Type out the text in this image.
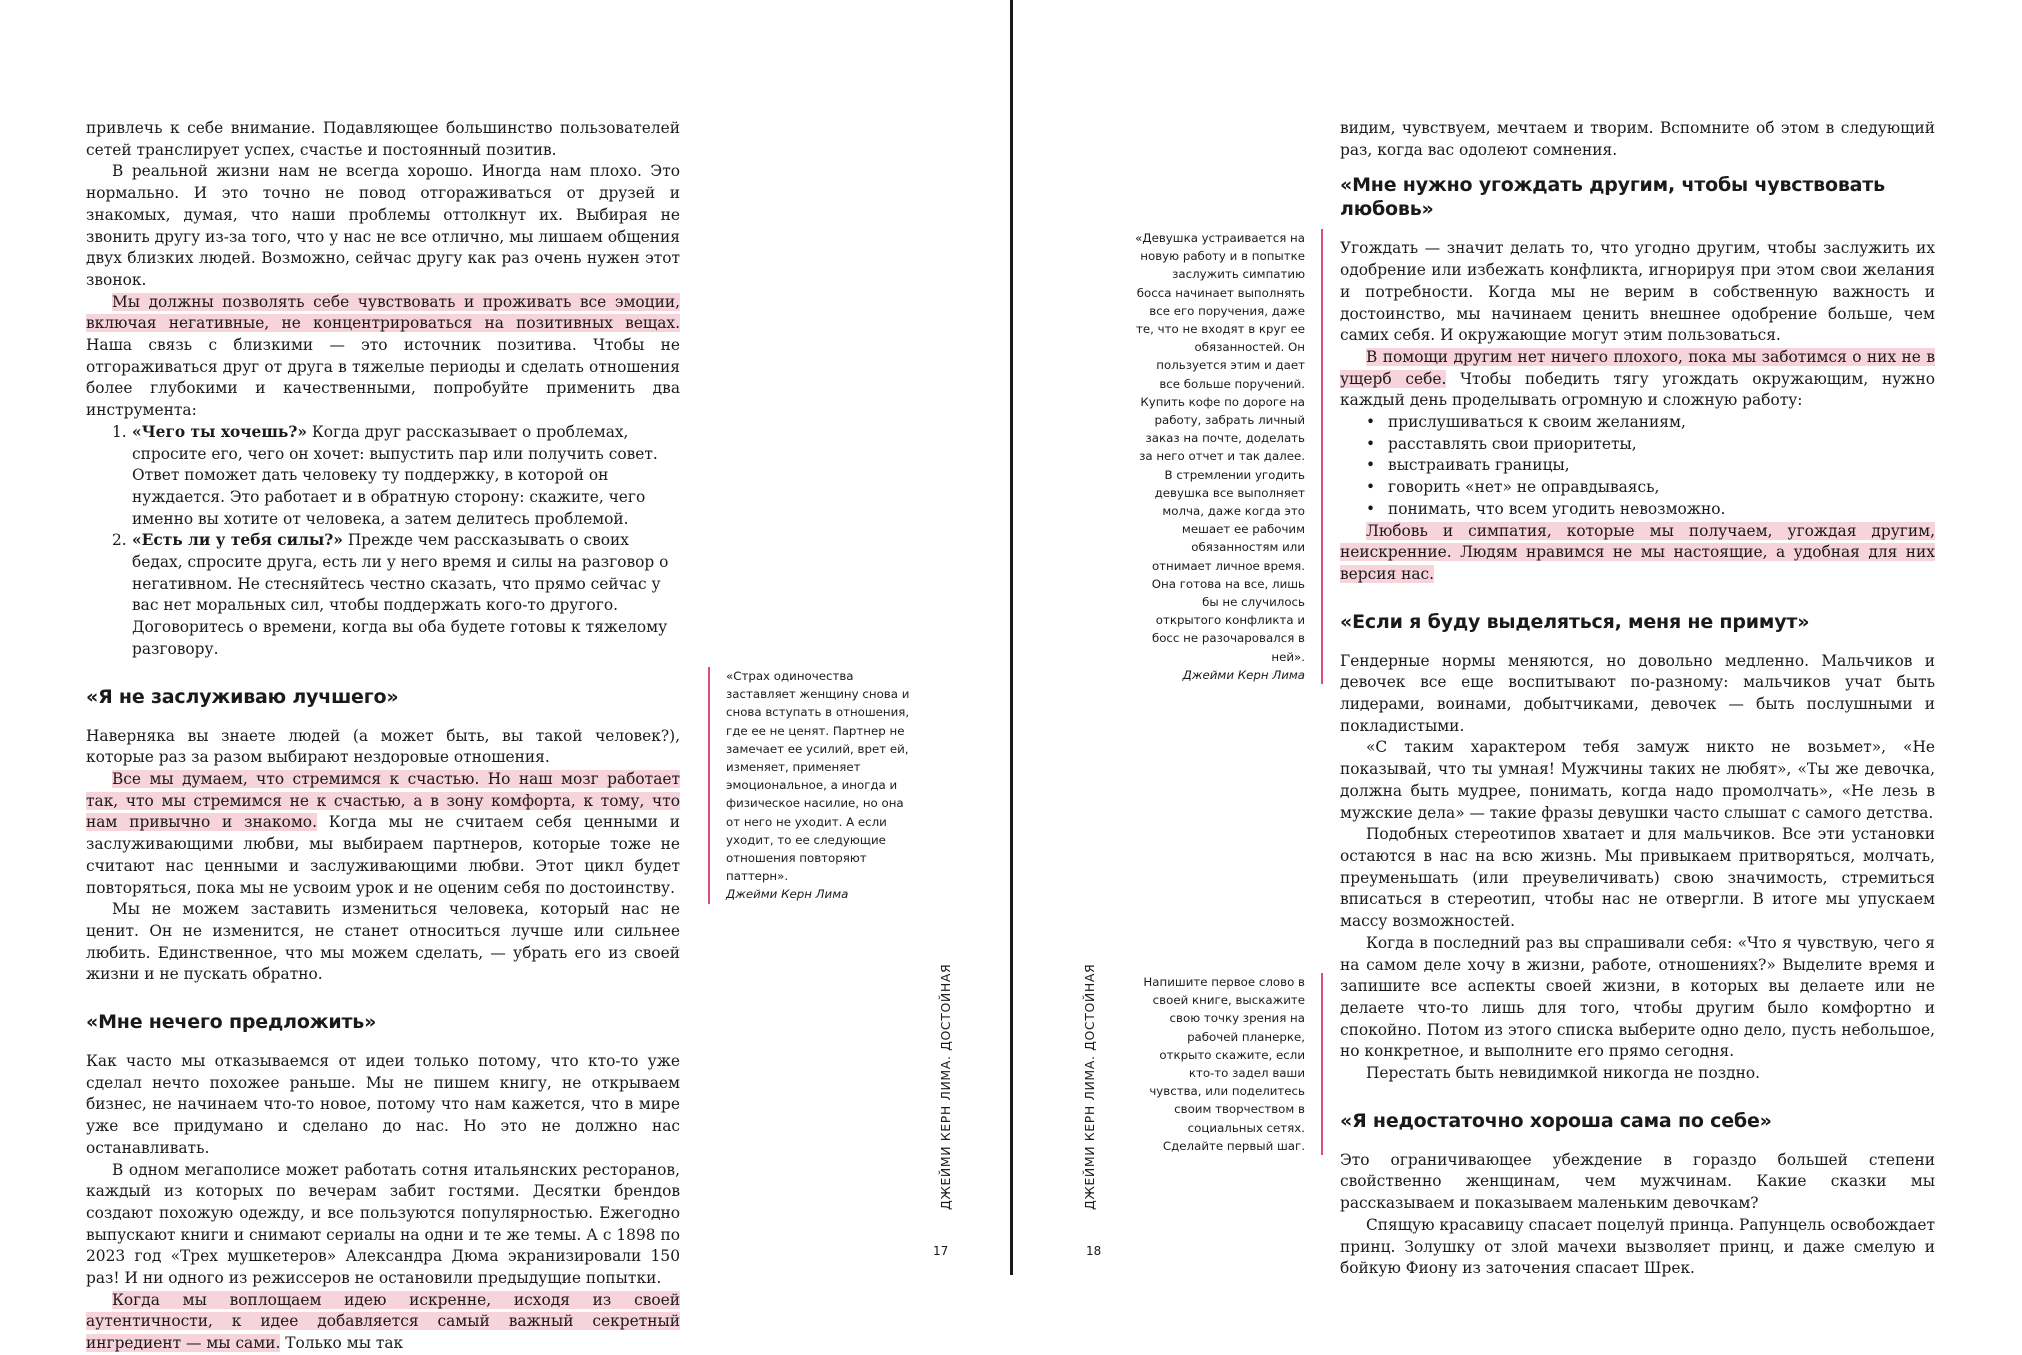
привлечь к себе внимание. Подавляющее большинство пользователей сетей транслирует успех, счастье и постоянный позитив.

В реальной жизни нам не всегда хорошо. Иногда нам плохо. Это нормально. И это точно не повод отгораживаться от друзей и знакомых, думая, что наши проблемы оттолкнут их. Выбирая не звонить другу из-за того, что у нас не все отлично, мы лишаем общения двух близких людей. Возможно, сейчас другу как раз очень нужен этот звонок.

Мы должны позволять себе чувствовать и проживать все эмоции, включая негативные, не концентрироваться на позитивных вещах. Наша связь с близкими — это источник позитива. Чтобы не отгораживаться друг от друга в тяжелые периоды и сделать отношения более глубокими и качественными, попробуйте применить два инструмента:

1. «Чего ты хочешь?» Когда друг рассказывает о проблемах, спросите его, чего он хочет: выпустить пар или получить совет. Ответ поможет дать человеку ту поддержку, в которой он нуждается. Это работает и в обратную сторону: скажите, чего именно вы хотите от человека, а затем делитесь проблемой.
2. «Есть ли у тебя силы?» Прежде чем рассказывать о своих бедах, спросите друга, есть ли у него время и силы на разговор о негативном. Не стесняйтесь честно сказать, что прямо сейчас у вас нет моральных сил, чтобы поддержать кого-то другого. Договоритесь о времени, когда вы оба будете готовы к тяжелому разговору.
«Я не заслуживаю лучшего»

Наверняка вы знаете людей (а может быть, вы такой человек?), которые раз за разом выбирают нездоровые отношения.

Все мы думаем, что стремимся к счастью. Но наш мозг работает так, что мы стремимся не к счастью, а в зону комфорта, к тому, что нам привычно и знакомо. Когда мы не считаем себя ценными и заслуживающими любви, мы выбираем партнеров, которые тоже не считают нас ценными и заслуживающими любви. Этот цикл будет повторяться, пока мы не усвоим урок и не оценим себя по достоинству.

Мы не можем заставить измениться человека, который нас не ценит. Он не изменится, не станет относиться лучше или сильнее любить. Единственное, что мы можем сделать, — убрать его из своей жизни и не пускать обратно.

«Мне нечего предложить»

Как часто мы отказываемся от идеи только потому, что кто-то уже сделал нечто похожее раньше. Мы не пишем книгу, не открываем бизнес, не начинаем что-то новое, потому что нам кажется, что в мире уже все придумано и сделано до нас. Но это не должно нас останавливать.

В одном мегаполисе может работать сотня итальянских ресторанов, каждый из которых по вечерам забит гостями. Десятки брендов создают похожую одежду, и все пользуются популярностью. Ежегодно выпускают книги и снимают сериалы на одни и те же темы. А с 1898 по 2023 год «Трех мушкетеров» Александра Дюма экранизировали 150 раз! И ни одного из режиссеров не остановили предыдущие попытки.

Когда мы воплощаем идею искренне, исходя из своей аутентичности, к идее добавляется самый важный секретный ингредиент — мы сами. Только мы так

«Страх одиночества заставляет женщину снова и снова вступать в отношения, где ее не ценят. Партнер не замечает ее усилий, врет ей, изменяет, применяет эмоциональное, а иногда и физическое насилие, но она от него не уходит. А если уходит, то ее следующие отношения повторяют паттерн».
Джейми Керн Лима
ДЖЕЙМИ КЕРН ЛИМА. ДОСТОЙНАЯ
17

видим, чувствуем, мечтаем и творим. Вспомните об этом в следующий раз, когда вас одолеют сомнения.

«Мне нужно угождать другим, чтобы чувствовать любовь»

Угождать — значит делать то, что угодно другим, чтобы заслужить их одобрение или избежать конфликта, игнорируя при этом свои желания и потребности. Когда мы не верим в собственную важность и достоинство, мы начинаем ценить внешнее одобрение больше, чем самих себя. И окружающие могут этим пользоваться.

В помощи другим нет ничего плохого, пока мы заботимся о них не в ущерб себе. Чтобы победить тягу угождать окружающим, нужно каждый день проделывать огромную и сложную работу:

• прислушиваться к своим желаниям,
• расставлять свои приоритеты,
• выстраивать границы,
• говорить «нет» не оправдываясь,
• понимать, что всем угодить невозможно.

Любовь и симпатия, которые мы получаем, угождая другим, неискренние. Людям нравимся не мы настоящие, а удобная для них версия нас.

«Если я буду выделяться, меня не примут»

Гендерные нормы меняются, но довольно медленно. Мальчиков и девочек все еще воспитывают по-разному: мальчиков учат быть лидерами, воинами, добытчиками, девочек — быть послушными и покладистыми.

«С таким характером тебя замуж никто не возьмет», «Не показывай, что ты умная! Мужчины таких не любят», «Ты же девочка, должна быть мудрее, понимать, когда надо промолчать», «Не лезь в мужские дела» — такие фразы девушки часто слышат с самого детства.

Подобных стереотипов хватает и для мальчиков. Все эти установки остаются в нас на всю жизнь. Мы привыкаем притворяться, молчать, преуменьшать (или преувеличивать) свою значимость, стремиться вписаться в стереотип, чтобы нас не отвергли. В итоге мы упускаем массу возможностей.

Когда в последний раз вы спрашивали себя: «Что я чувствую, чего я на самом деле хочу в жизни, работе, отношениях?» Выделите время и запишите все аспекты своей жизни, в которых вы делаете или не делаете что-то лишь для того, чтобы другим было комфортно и спокойно. Потом из этого списка выберите одно дело, пусть небольшое, но конкретное, и выполните его прямо сегодня.

Перестать быть невидимкой никогда не поздно.

«Я недостаточно хороша сама по себе»

Это ограничивающее убеждение в гораздо большей степени свойственно женщинам, чем мужчинам. Какие сказки мы рассказываем и показываем маленьким девочкам?

Спящую красавицу спасает поцелуй принца. Рапунцель освобождает принц. Золушку от злой мачехи вызволяет принц, и даже смелую и бойкую Фиону из заточения спасает Шрек.

«Девушка устраивается на новую работу и в попытке заслужить симпатию босса начинает выполнять все его поручения, даже те, что не входят в круг ее обязанностей. Он пользуется этим и дает все больше поручений. Купить кофе по дороге на работу, забрать личный заказ на почте, доделать за него отчет и так далее. В стремлении угодить девушка все выполняет молча, даже когда это мешает ее рабочим обязанностям или отнимает личное время. Она готова на все, лишь бы не случилось открытого конфликта и босс не разочаровался в ней».
Джейми Керн Лима
Напишите первое слово в своей книге, выскажите свою точку зрения на рабочей планерке, открыто скажите, если кто-то задел ваши чувства, или поделитесь своим творчеством в социальных сетях. Сделайте первый шаг.
ДЖЕЙМИ КЕРН ЛИМА. ДОСТОЙНАЯ
18
